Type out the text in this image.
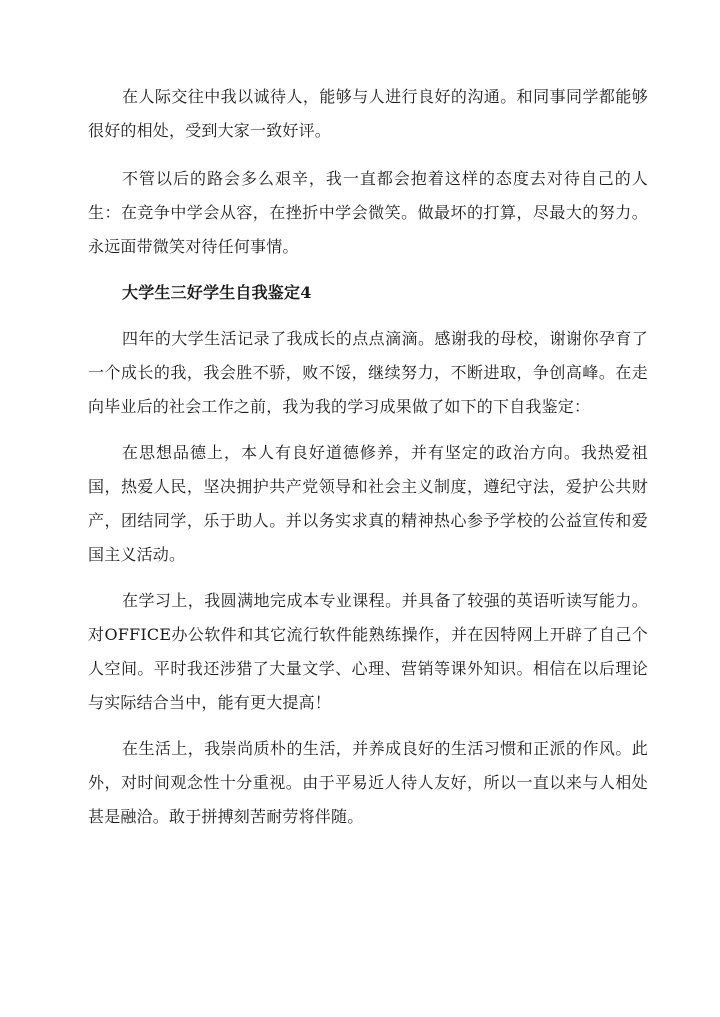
在人际交往中我以诚待人，能够与人进行良好的沟通。和同事同学都能够很好的相处，受到大家一致好评。

不管以后的路会多么艰辛，我一直都会抱着这样的态度去对待自己的人生：在竞争中学会从容，在挫折中学会微笑。做最坏的打算，尽最大的努力。永远面带微笑对待任何事情。

大学生三好学生自我鉴定4

四年的大学生活记录了我成长的点点滴滴。感谢我的母校，谢谢你孕育了一个成长的我，我会胜不骄，败不馁，继续努力，不断进取，争创高峰。在走向毕业后的社会工作之前，我为我的学习成果做了如下的下自我鉴定：

在思想品德上，本人有良好道德修养，并有坚定的政治方向。我热爱祖国，热爱人民，坚决拥护共产党领导和社会主义制度，遵纪守法，爱护公共财产，团结同学，乐于助人。并以务实求真的精神热心参予学校的公益宣传和爱国主义活动。

在学习上，我圆满地完成本专业课程。并具备了较强的英语听读写能力。对OFFICE办公软件和其它流行软件能熟练操作，并在因特网上开辟了自己个人空间。平时我还涉猎了大量文学、心理、营销等课外知识。相信在以后理论与实际结合当中，能有更大提高！

在生活上，我崇尚质朴的生活，并养成良好的生活习惯和正派的作风。此外，对时间观念性十分重视。由于平易近人待人友好，所以一直以来与人相处甚是融洽。敢于拼搏刻苦耐劳将伴随。
